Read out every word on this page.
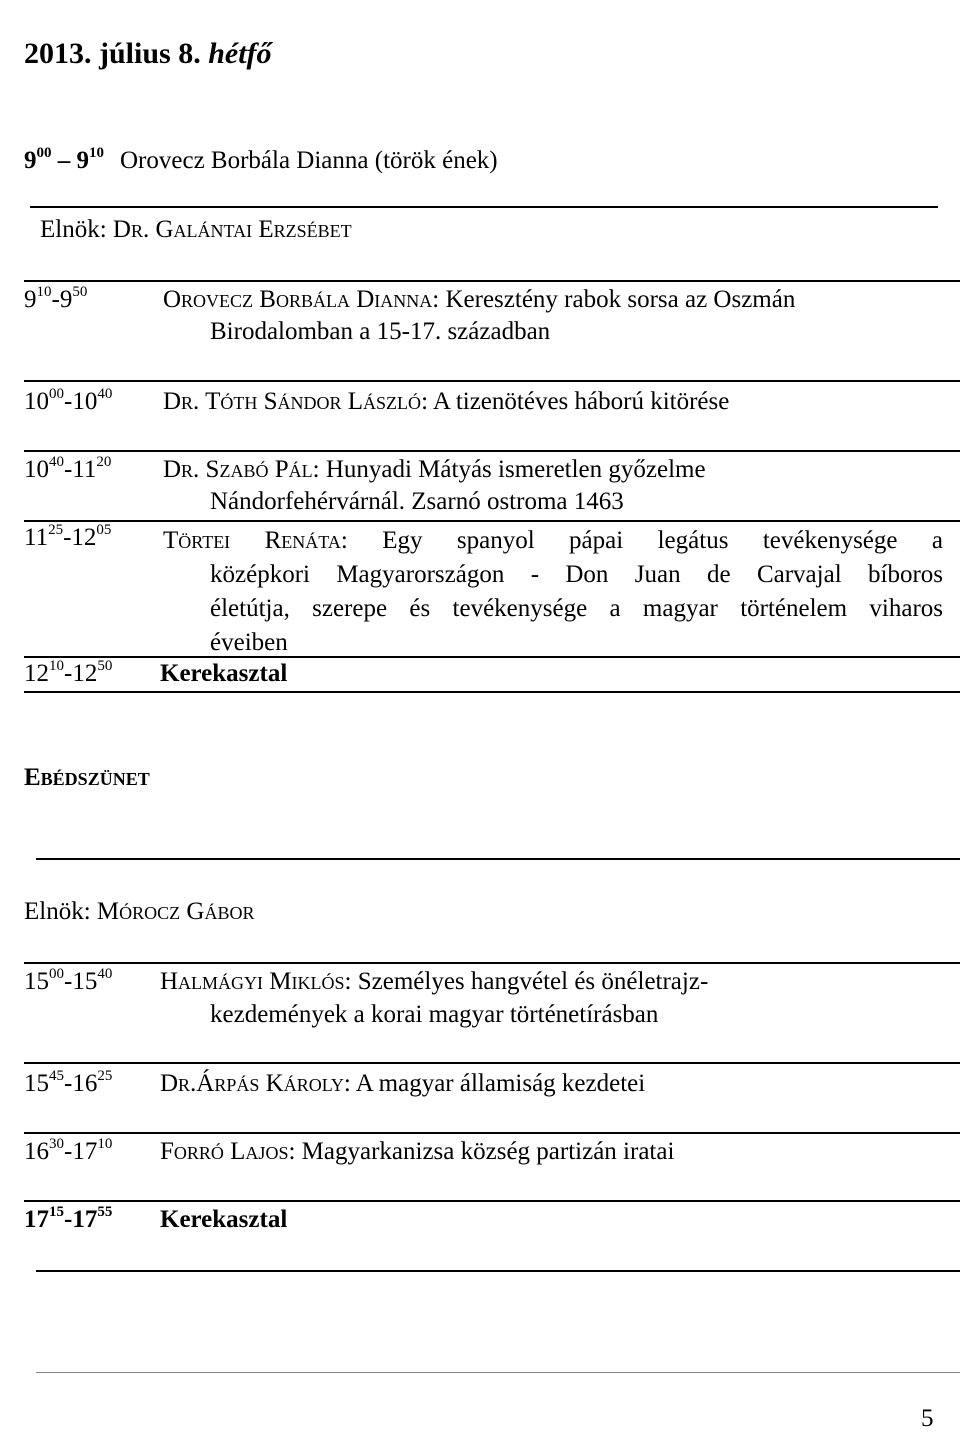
2013. július 8. hétfő
$9^{00} - 9^{10}$ Orovecz Borbála Dianna (török ének)
Elnök: Dr. Galántai Erzsébet
$9^{10}-9^{50}$	Orovecz Borbála Dianna: Keresztény rabok sorsa az Oszmán
Birodalomban a 15-17. században
$10^{00}-10^{40}$ Dr. Tóth Sándor László: A tizenötéves háború kitörése
$10^{40}-11^{20}$ Dr. Szabó Pál: Hunyadi Mátyás ismeretlen győzelme
Nándorfehérvárnál. Zsarnó ostroma 1463
$11^{25}-12^{05}$ Törtei Renáta: Egy spanyol pápai legátus tevékenysége a
középkori Magyarországon - Don Juan de Carvajal bíboros
életútja, szerepe és tevékenysége a magyar történelem viharos
éveiben
$12^{10}-12^{50}$ Kerekasztal
Ebédszünet
Elnök: Mórocz Gábor
$15^{00}-15^{40}$ Halmágyi Miklós: Személyes hangvétel és önéletrajz-
kezdemények a korai magyar történetírásban
$15^{45}-16^{25}$ Dr.Árpás Károly: A magyar államiság kezdetei
$16^{30}-17^{10}$ Forró Lajos: Magyarkanizsa község partizán iratai
$17^{15}-17^{55}$ Kerekasztal
5
